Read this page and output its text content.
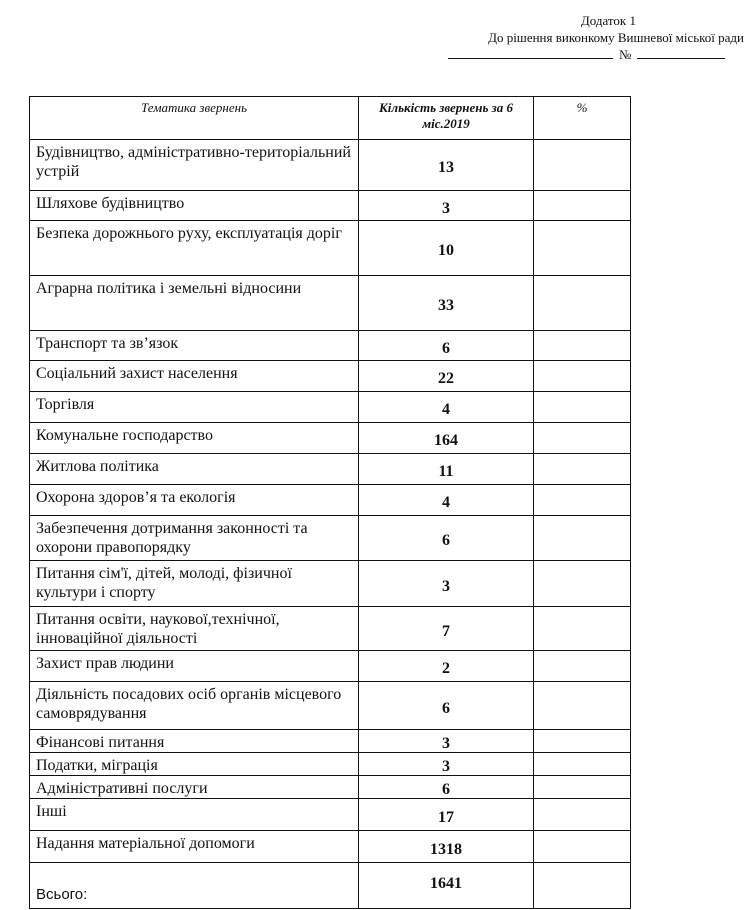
Додаток 1
До рішення виконкому Вишневої міської ради
№
Тематика звернень	Кількість звернень за 6 міс.2019	%
Будівництво, адміністративно-територіальний устрій	13	
Шляхове будівництво	3	
Безпека дорожнього руху, експлуатація доріг	10	
Аграрна політика і земельні відносини	33	
Транспорт та зв’язок	6	
Соціальний захист населення	22	
Торгівля	4	
Комунальне господарство	164	
Житлова політика	11	
Охорона здоров’я та екологія	4	
Забезпечення дотримання законності та охорони правопорядку	6	
Питання сім'ї, дітей, молоді, фізичної культури і спорту	3	
Питання освіти, наукової,технічної, інноваційної діяльності	7	
Захист прав людини	2	
Діяльність посадових осіб органів місцевого самоврядування	6	
Фінансові питання	3	
Податки, міграція	3	
Адміністративні послуги	6	
Інші	17	
Надання матеріальної допомоги	1318	
Всього:	1641	
